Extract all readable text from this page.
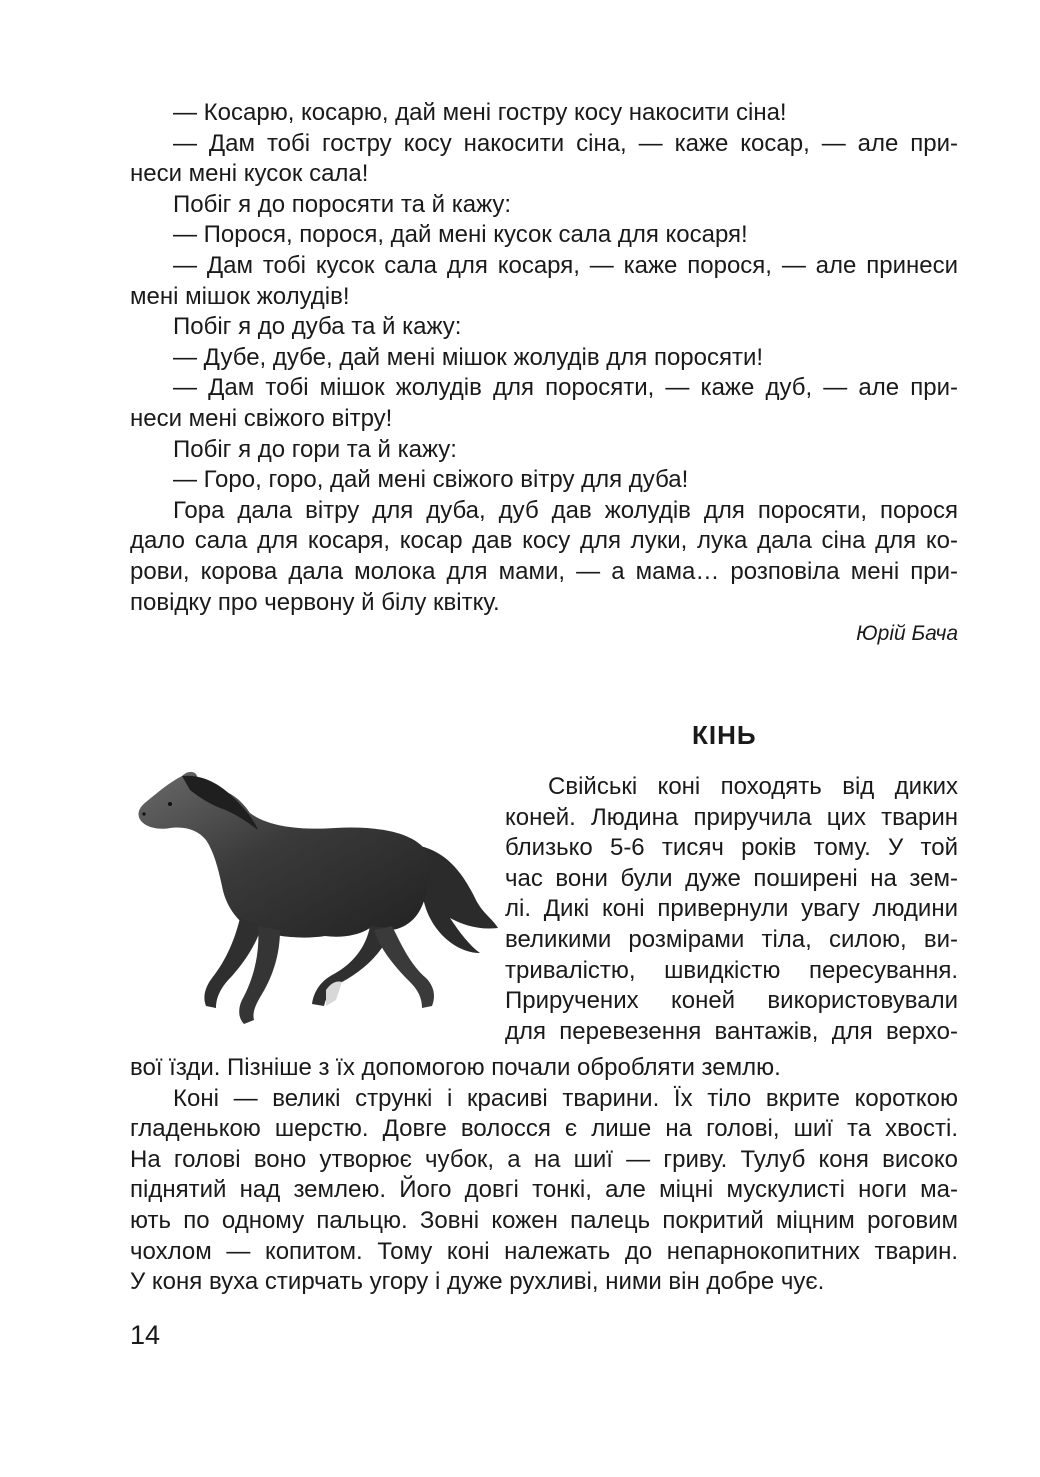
— Косарю, косарю, дай мені гостру косу накосити сіна!
— Дам тобі гостру косу накосити сіна, — каже косар, — але при-
неси мені кусок сала!
Побіг я до поросяти та й кажу:
— Порося, порося, дай мені кусок сала для косаря!
— Дам тобі кусок сала для косаря, — каже порося, — але принеси
мені мішок жолудів!
Побіг я до дуба та й кажу:
— Дубе, дубе, дай мені мішок жолудів для поросяти!
— Дам тобі мішок жолудів для поросяти, — каже дуб, — але при-
неси мені свіжого вітру!
Побіг я до гори та й кажу:
— Горо, горо, дай мені свіжого вітру для дуба!
Гора дала вітру для дуба, дуб дав жолудів для поросяти, порося
дало сала для косаря, косар дав косу для луки, лука дала сіна для ко-
рови, корова дала молока для мами, — а мама… розповіла мені при-
повідку про червону й білу квітку.
Юрій Бача
КІНЬ
Свійські коні походять від диких
коней. Людина приручила цих тварин
близько 5-6 тисяч років тому. У той
час вони були дуже поширені на зем-
лі. Дикі коні привернули увагу людини
великими розмірами тіла, силою, ви-
тривалістю, швидкістю пересування.
Приручених коней використовували
для перевезення вантажів, для верхо-
вої їзди. Пізніше з їх допомогою почали обробляти землю.
Коні — великі стрункі і красиві тварини. Їх тіло вкрите короткою
гладенькою шерстю. Довге волосся є лише на голові, шиї та хвості.
На голові воно утворює чубок, а на шиї — гриву. Тулуб коня високо
піднятий над землею. Його довгі тонкі, але міцні мускулисті ноги ма-
ють по одному пальцю. Зовні кожен палець покритий міцним роговим
чохлом — копитом. Тому коні належать до непарнокопитних тварин.
У коня вуха стирчать угору і дуже рухливі, ними він добре чує.
14
